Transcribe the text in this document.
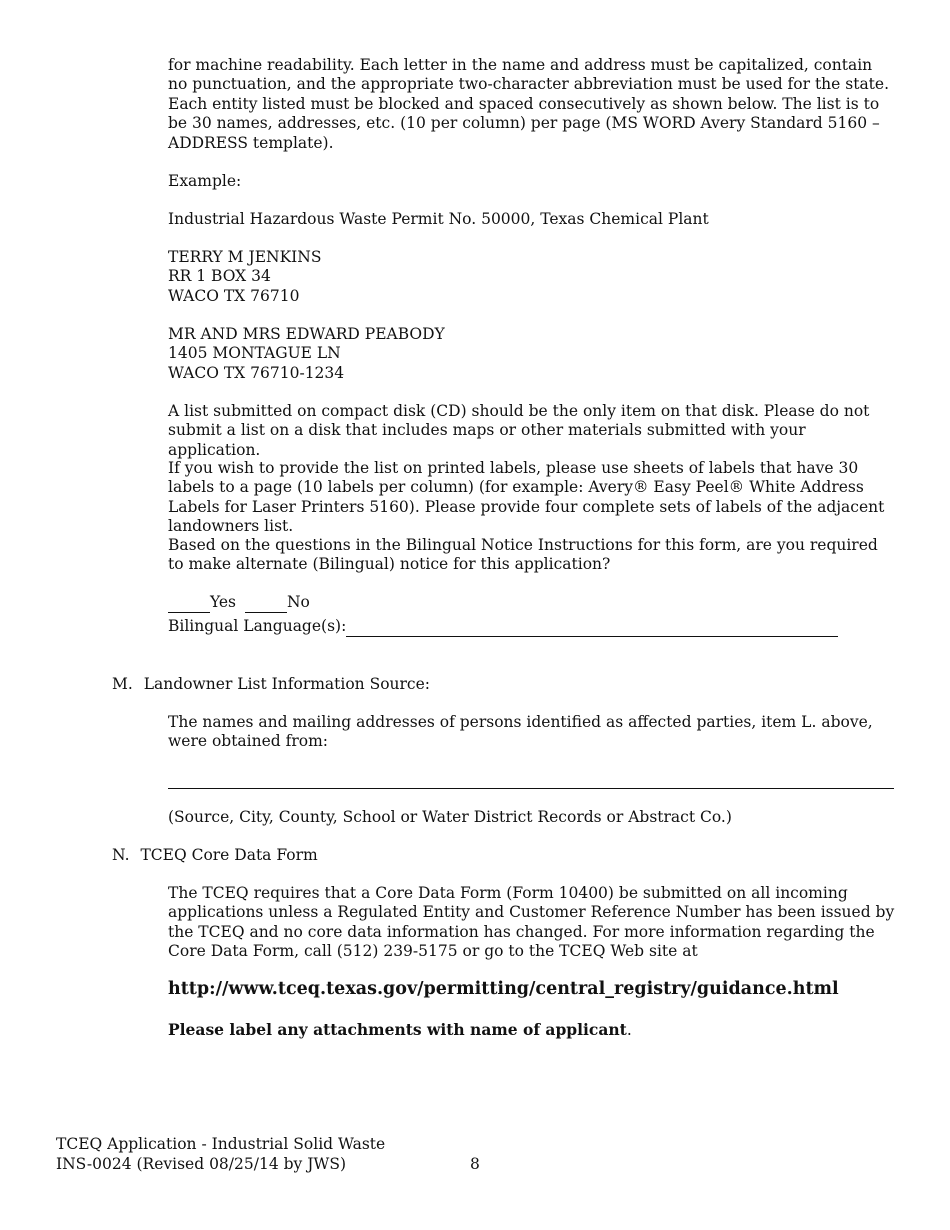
for machine readability. Each letter in the name and address must be capitalized, contain no punctuation, and the appropriate two-character abbreviation must be used for the state. Each entity listed must be blocked and spaced consecutively as shown below. The list is to be 30 names, addresses, etc. (10 per column) per page (MS WORD Avery Standard 5160 – ADDRESS template).
Example:
Industrial Hazardous Waste Permit No. 50000, Texas Chemical Plant
TERRY M JENKINS
RR 1 BOX 34
WACO TX 76710
MR AND MRS EDWARD PEABODY
1405 MONTAGUE LN
WACO TX 76710-1234
A list submitted on compact disk (CD) should be the only item on that disk. Please do not submit a list on a disk that includes maps or other materials submitted with your application.
If you wish to provide the list on printed labels, please use sheets of labels that have 30 labels to a page (10 labels per column) (for example: Avery® Easy Peel® White Address Labels for Laser Printers 5160). Please provide four complete sets of labels of the adjacent landowners list.
Based on the questions in the Bilingual Notice Instructions for this form, are you required to make alternate (Bilingual) notice for this application?
Yes	No
Bilingual Language(s):
M. Landowner List Information Source:
The names and mailing addresses of persons identified as affected parties, item L. above, were obtained from:
(Source, City, County, School or Water District Records or Abstract Co.)
N. TCEQ Core Data Form
The TCEQ requires that a Core Data Form (Form 10400) be submitted on all incoming applications unless a Regulated Entity and Customer Reference Number has been issued by the TCEQ and no core data information has changed. For more information regarding the Core Data Form, call (512) 239-5175 or go to the TCEQ Web site at
http://www.tceq.texas.gov/permitting/central_registry/guidance.html
Please label any attachments with name of applicant.
TCEQ Application - Industrial Solid Waste
INS-0024 (Revised 08/25/14 by JWS)	8
